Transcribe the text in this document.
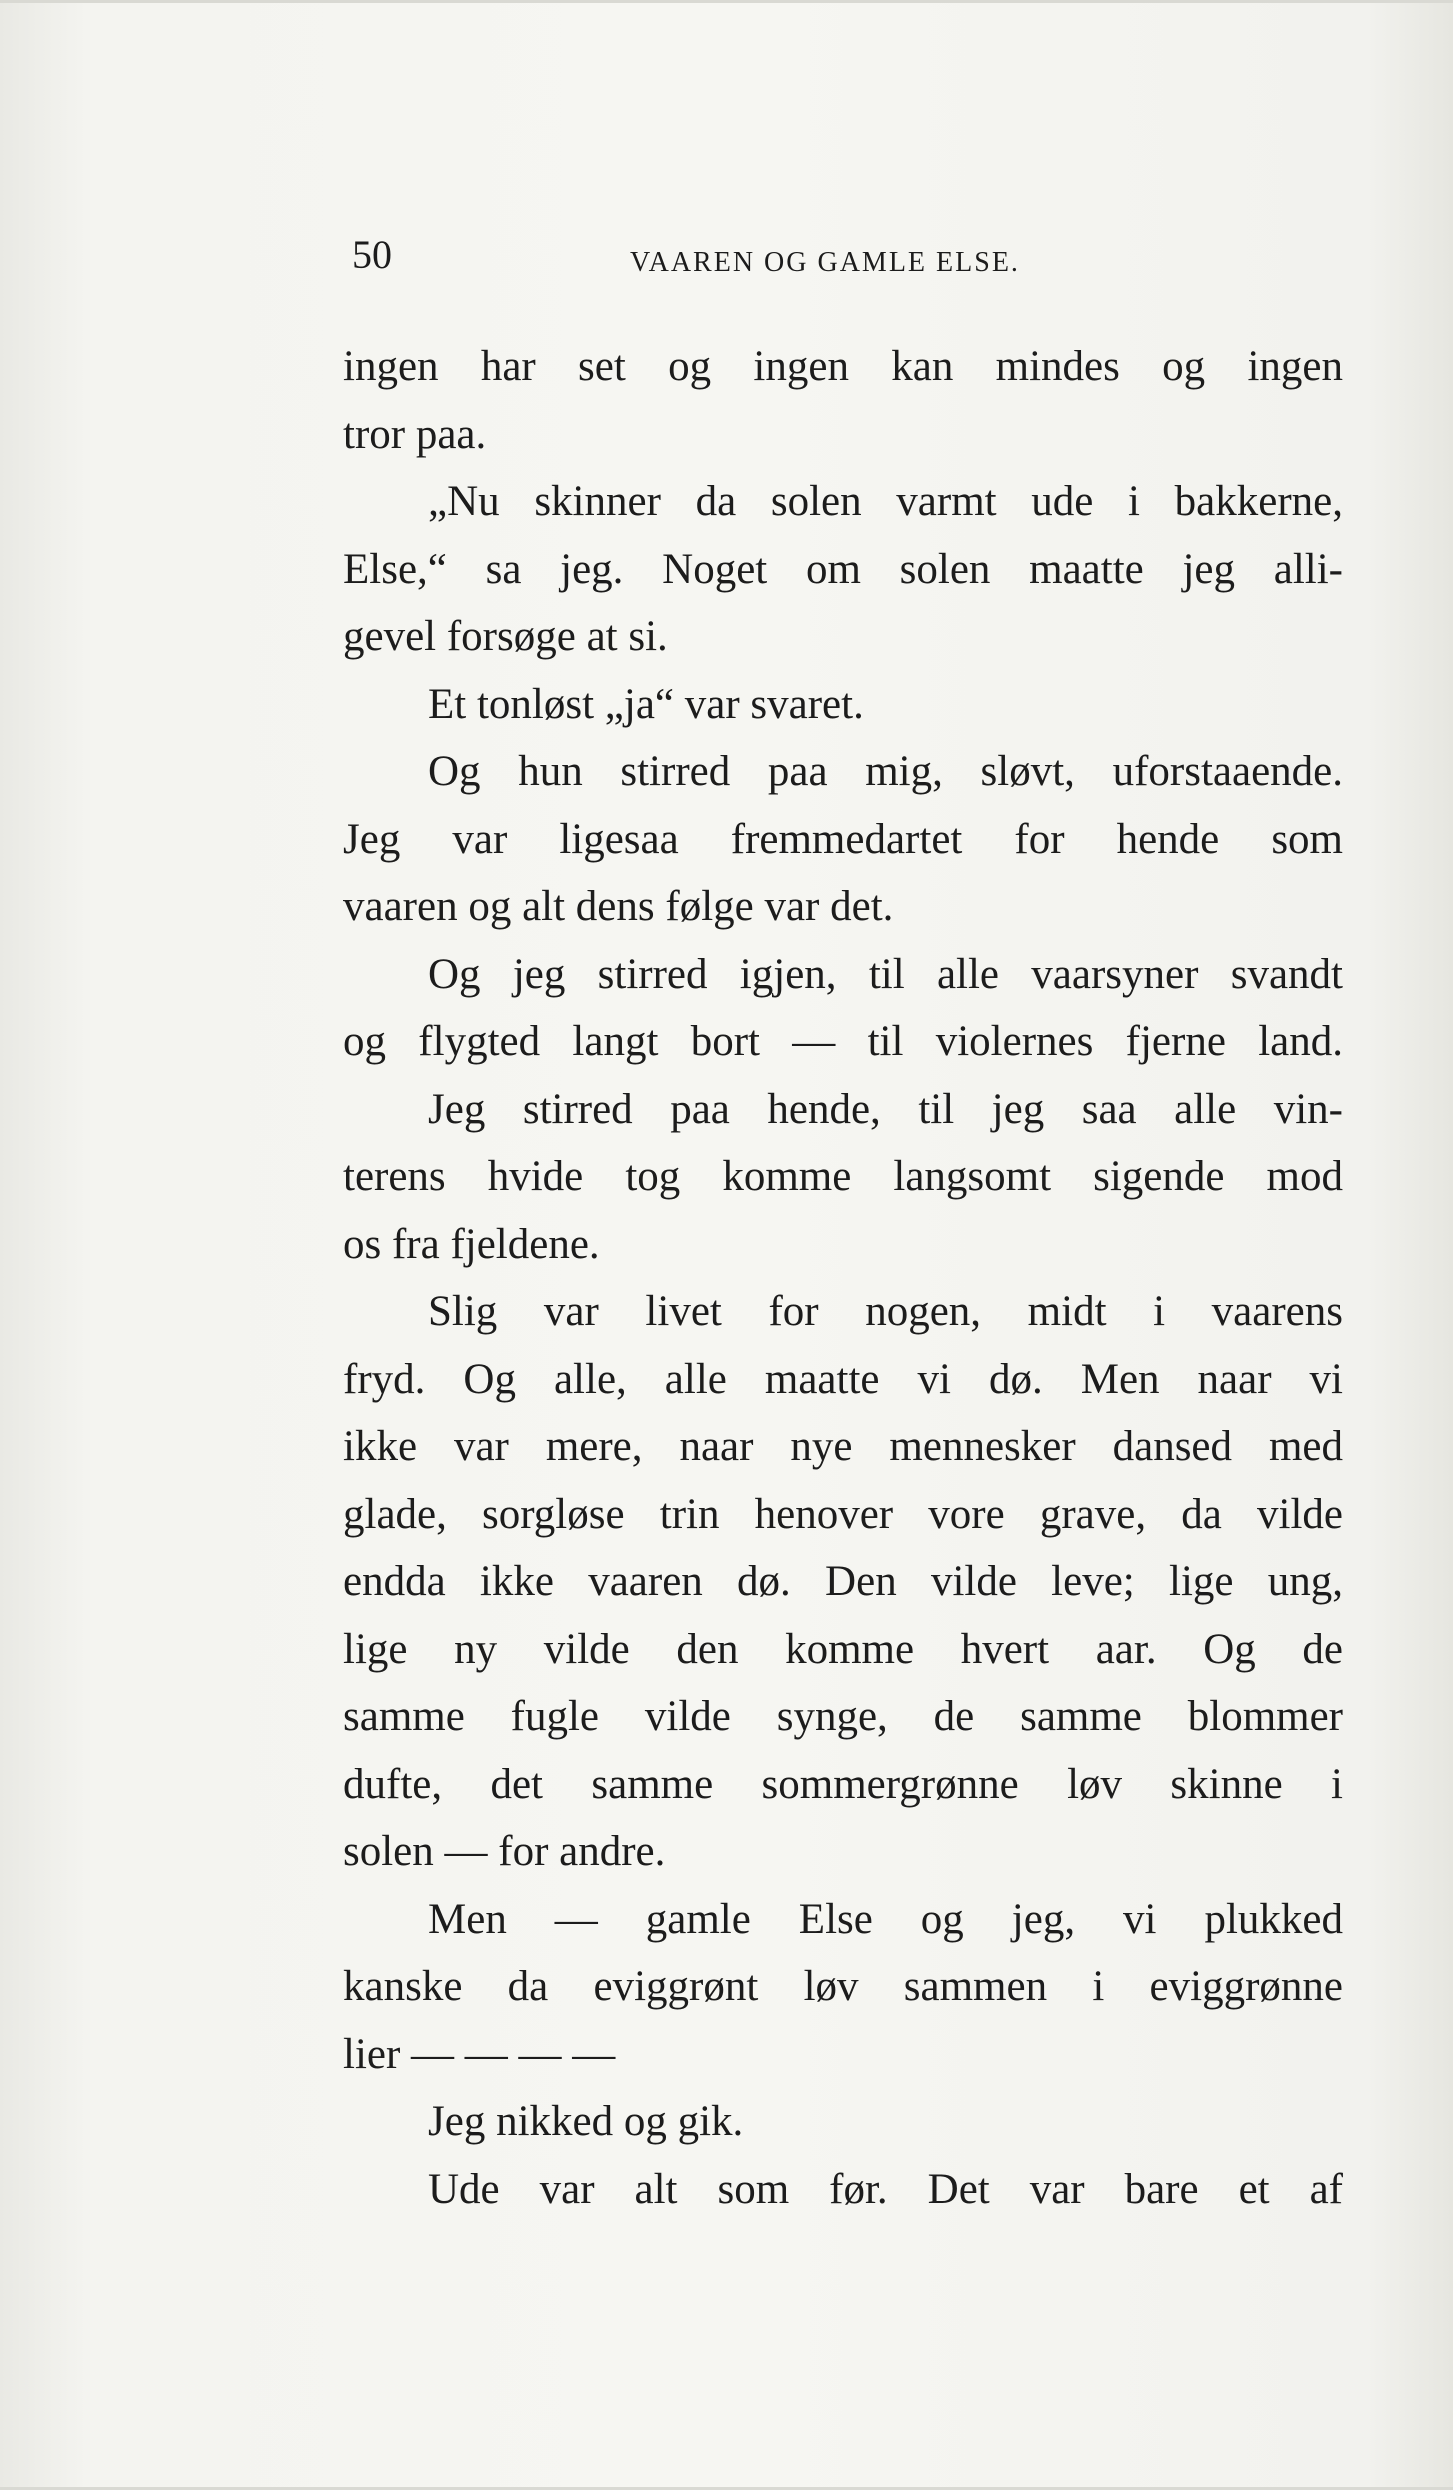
50	VAAREN OG GAMLE ELSE.
ingen har set og ingen kan mindes og ingen
tror paa.
„Nu skinner da solen varmt ude i bakkerne,
Else,“ sa jeg. Noget om solen maatte jeg alli-
gevel forsøge at si.
Et tonløst „ja“ var svaret.
Og hun stirred paa mig, sløvt, uforstaaende.
Jeg var ligesaa fremmedartet for hende som
vaaren og alt dens følge var det.
Og jeg stirred igjen, til alle vaarsyner svandt
og flygted langt bort — til violernes fjerne land.
Jeg stirred paa hende, til jeg saa alle vin-
terens hvide tog komme langsomt sigende mod
os fra fjeldene.
Slig var livet for nogen, midt i vaarens
fryd. Og alle, alle maatte vi dø. Men naar vi
ikke var mere, naar nye mennesker dansed med
glade, sorgløse trin henover vore grave, da vilde
endda ikke vaaren dø. Den vilde leve; lige ung,
lige ny vilde den komme hvert aar. Og de
samme fugle vilde synge, de samme blommer
dufte, det samme sommergrønne løv skinne i
solen — for andre.
Men — gamle Else og jeg, vi plukked
kanske da eviggrønt løv sammen i eviggrønne
lier — — — —
Jeg nikked og gik.
Ude var alt som før. Det var bare et af
